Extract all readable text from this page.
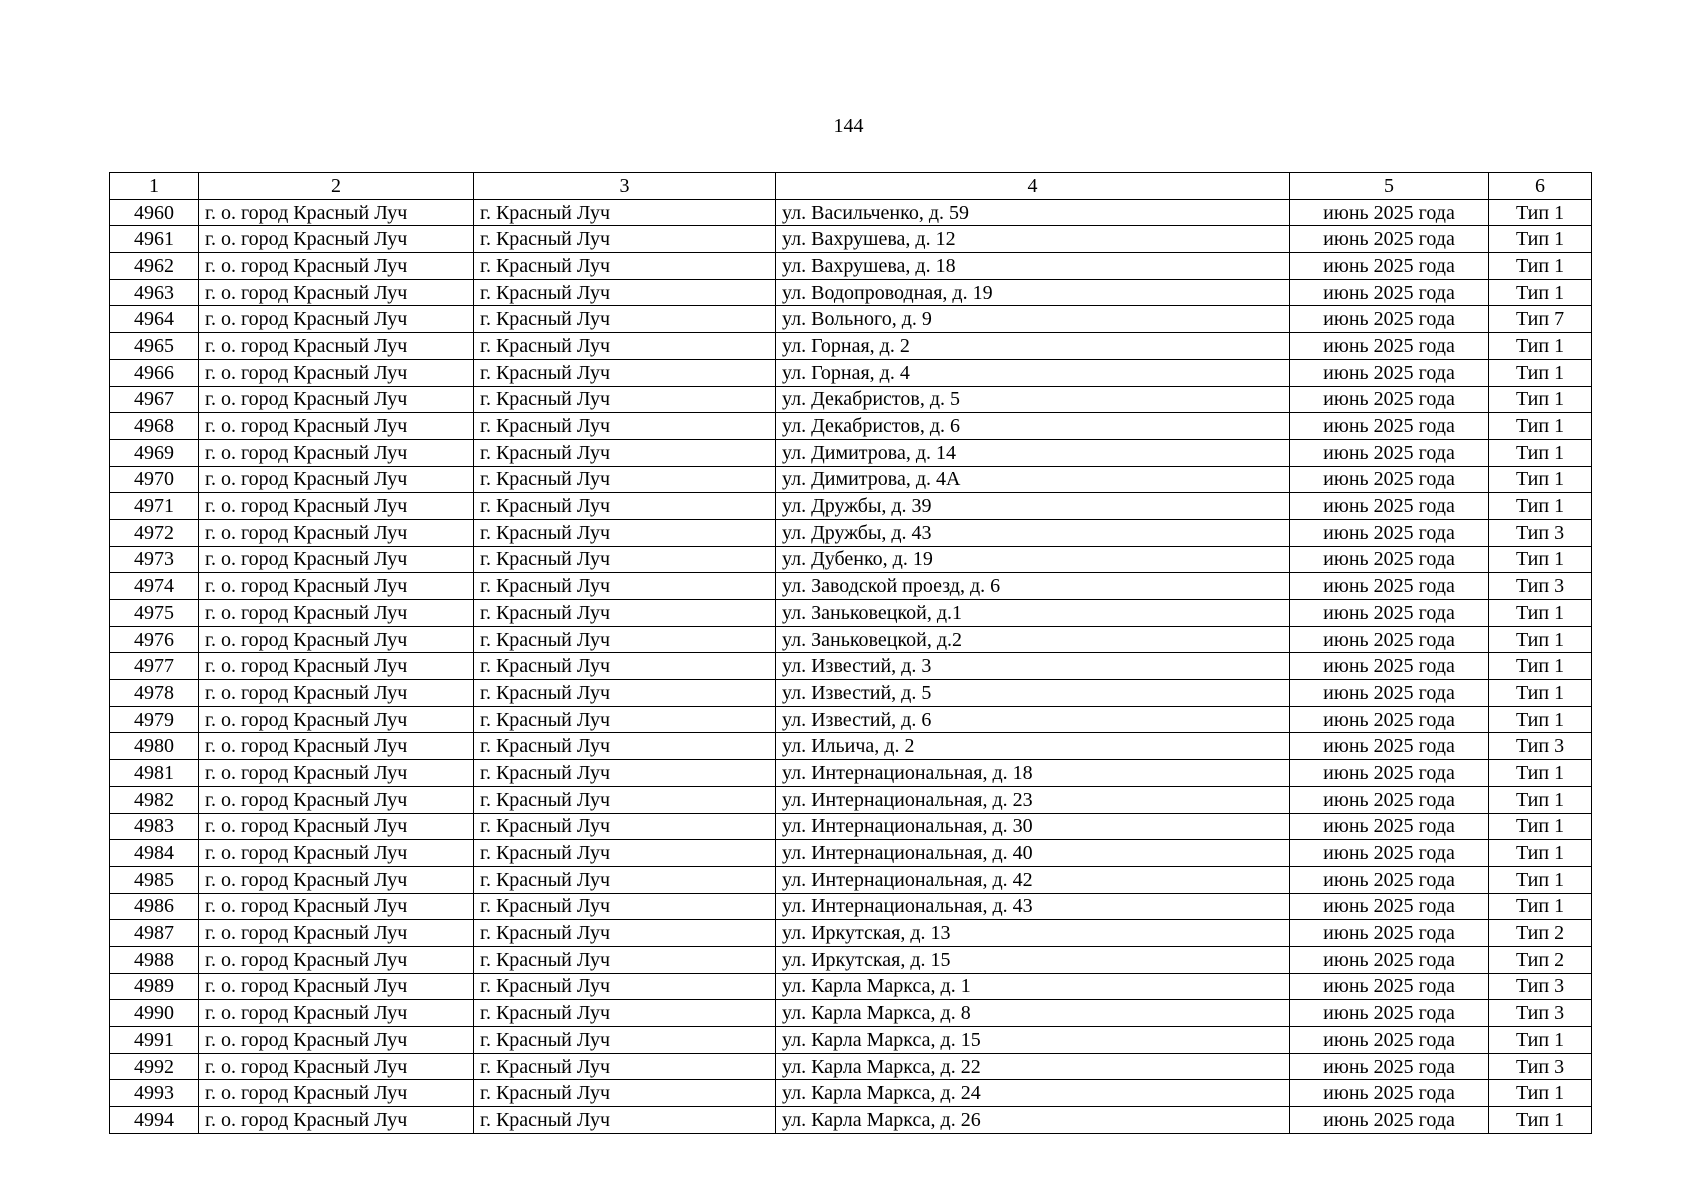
144
1	2	3	4	5	6
4960	г. о. город Красный Луч	г. Красный Луч	ул. Васильченко, д. 59	июнь 2025 года	Тип 1
4961	г. о. город Красный Луч	г. Красный Луч	ул. Вахрушева, д. 12	июнь 2025 года	Тип 1
4962	г. о. город Красный Луч	г. Красный Луч	ул. Вахрушева, д. 18	июнь 2025 года	Тип 1
4963	г. о. город Красный Луч	г. Красный Луч	ул. Водопроводная, д. 19	июнь 2025 года	Тип 1
4964	г. о. город Красный Луч	г. Красный Луч	ул. Вольного, д. 9	июнь 2025 года	Тип 7
4965	г. о. город Красный Луч	г. Красный Луч	ул. Горная, д. 2	июнь 2025 года	Тип 1
4966	г. о. город Красный Луч	г. Красный Луч	ул. Горная, д. 4	июнь 2025 года	Тип 1
4967	г. о. город Красный Луч	г. Красный Луч	ул. Декабристов, д. 5	июнь 2025 года	Тип 1
4968	г. о. город Красный Луч	г. Красный Луч	ул. Декабристов, д. 6	июнь 2025 года	Тип 1
4969	г. о. город Красный Луч	г. Красный Луч	ул. Димитрова, д. 14	июнь 2025 года	Тип 1
4970	г. о. город Красный Луч	г. Красный Луч	ул. Димитрова, д. 4А	июнь 2025 года	Тип 1
4971	г. о. город Красный Луч	г. Красный Луч	ул. Дружбы, д. 39	июнь 2025 года	Тип 1
4972	г. о. город Красный Луч	г. Красный Луч	ул. Дружбы, д. 43	июнь 2025 года	Тип 3
4973	г. о. город Красный Луч	г. Красный Луч	ул. Дубенко, д. 19	июнь 2025 года	Тип 1
4974	г. о. город Красный Луч	г. Красный Луч	ул. Заводской проезд, д. 6	июнь 2025 года	Тип 3
4975	г. о. город Красный Луч	г. Красный Луч	ул. Заньковецкой, д.1	июнь 2025 года	Тип 1
4976	г. о. город Красный Луч	г. Красный Луч	ул. Заньковецкой, д.2	июнь 2025 года	Тип 1
4977	г. о. город Красный Луч	г. Красный Луч	ул. Известий, д. 3	июнь 2025 года	Тип 1
4978	г. о. город Красный Луч	г. Красный Луч	ул. Известий, д. 5	июнь 2025 года	Тип 1
4979	г. о. город Красный Луч	г. Красный Луч	ул. Известий, д. 6	июнь 2025 года	Тип 1
4980	г. о. город Красный Луч	г. Красный Луч	ул. Ильича, д. 2	июнь 2025 года	Тип 3
4981	г. о. город Красный Луч	г. Красный Луч	ул. Интернациональная, д. 18	июнь 2025 года	Тип 1
4982	г. о. город Красный Луч	г. Красный Луч	ул. Интернациональная, д. 23	июнь 2025 года	Тип 1
4983	г. о. город Красный Луч	г. Красный Луч	ул. Интернациональная, д. 30	июнь 2025 года	Тип 1
4984	г. о. город Красный Луч	г. Красный Луч	ул. Интернациональная, д. 40	июнь 2025 года	Тип 1
4985	г. о. город Красный Луч	г. Красный Луч	ул. Интернациональная, д. 42	июнь 2025 года	Тип 1
4986	г. о. город Красный Луч	г. Красный Луч	ул. Интернациональная, д. 43	июнь 2025 года	Тип 1
4987	г. о. город Красный Луч	г. Красный Луч	ул. Иркутская, д. 13	июнь 2025 года	Тип 2
4988	г. о. город Красный Луч	г. Красный Луч	ул. Иркутская, д. 15	июнь 2025 года	Тип 2
4989	г. о. город Красный Луч	г. Красный Луч	ул. Карла Маркса, д. 1	июнь 2025 года	Тип 3
4990	г. о. город Красный Луч	г. Красный Луч	ул. Карла Маркса, д. 8	июнь 2025 года	Тип 3
4991	г. о. город Красный Луч	г. Красный Луч	ул. Карла Маркса, д. 15	июнь 2025 года	Тип 1
4992	г. о. город Красный Луч	г. Красный Луч	ул. Карла Маркса, д. 22	июнь 2025 года	Тип 3
4993	г. о. город Красный Луч	г. Красный Луч	ул. Карла Маркса, д. 24	июнь 2025 года	Тип 1
4994	г. о. город Красный Луч	г. Красный Луч	ул. Карла Маркса, д. 26	июнь 2025 года	Тип 1
